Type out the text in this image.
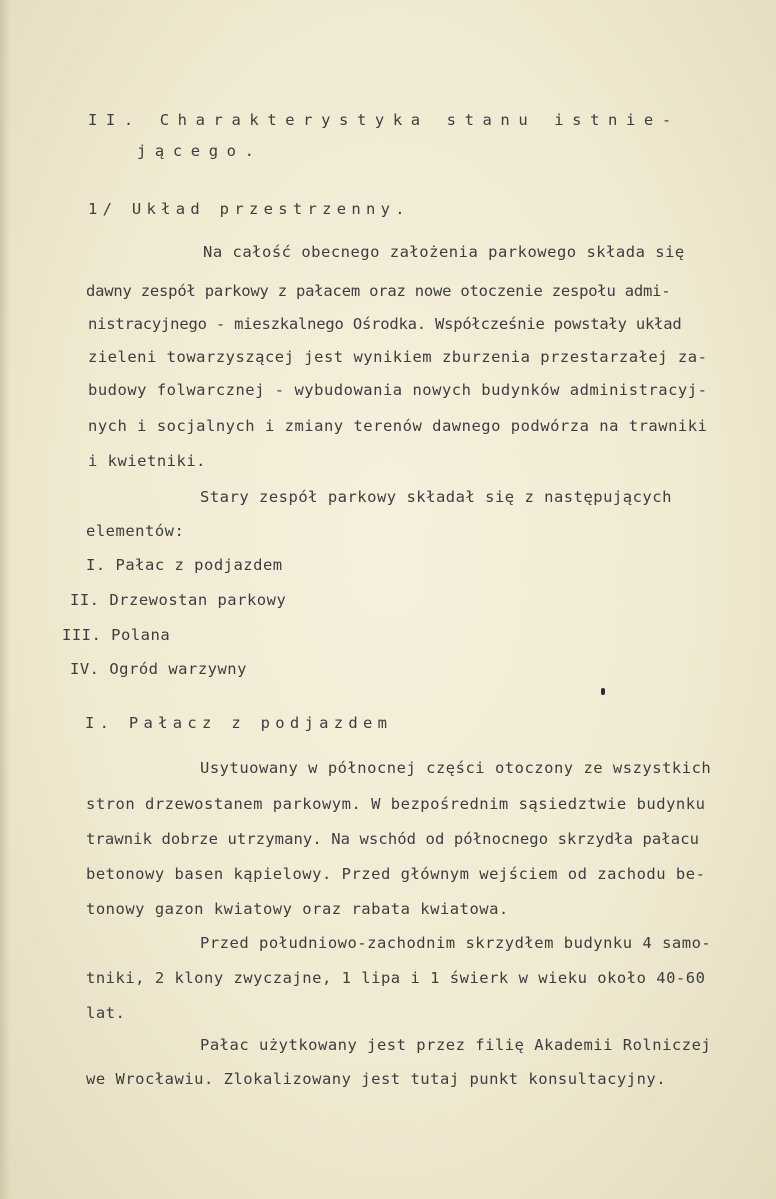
II. Charakterystyka stanu istnie-
jącego.
1/ Układ przestrzenny.
Na całość obecnego założenia parkowego składa się
dawny zespół parkowy z pałacem oraz nowe otoczenie zespołu admi-
nistracyjnego - mieszkalnego Ośrodka. Współcześnie powstały układ
zieleni towarzyszącej jest wynikiem zburzenia przestarzałej za-
budowy folwarcznej - wybudowania nowych budynków administracyj-
nych i socjalnych i zmiany terenów dawnego podwórza na trawniki
i kwietniki.
Stary zespół parkowy składał się z następujących
elementów:
I. Pałac z podjazdem
II. Drzewostan parkowy
III. Polana
IV. Ogród warzywny
I. Pałacz z podjazdem
Usytuowany w północnej części otoczony ze wszystkich
stron drzewostanem parkowym. W bezpośrednim sąsiedztwie budynku
trawnik dobrze utrzymany. Na wschód od północnego skrzydła pałacu
betonowy basen kąpielowy. Przed głównym wejściem od zachodu be-
tonowy gazon kwiatowy oraz rabata kwiatowa.
Przed południowo-zachodnim skrzydłem budynku 4 samo-
tniki, 2 klony zwyczajne, 1 lipa i 1 świerk w wieku około 40-60
lat.
Pałac użytkowany jest przez filię Akademii Rolniczej
we Wrocławiu. Zlokalizowany jest tutaj punkt konsultacyjny.
